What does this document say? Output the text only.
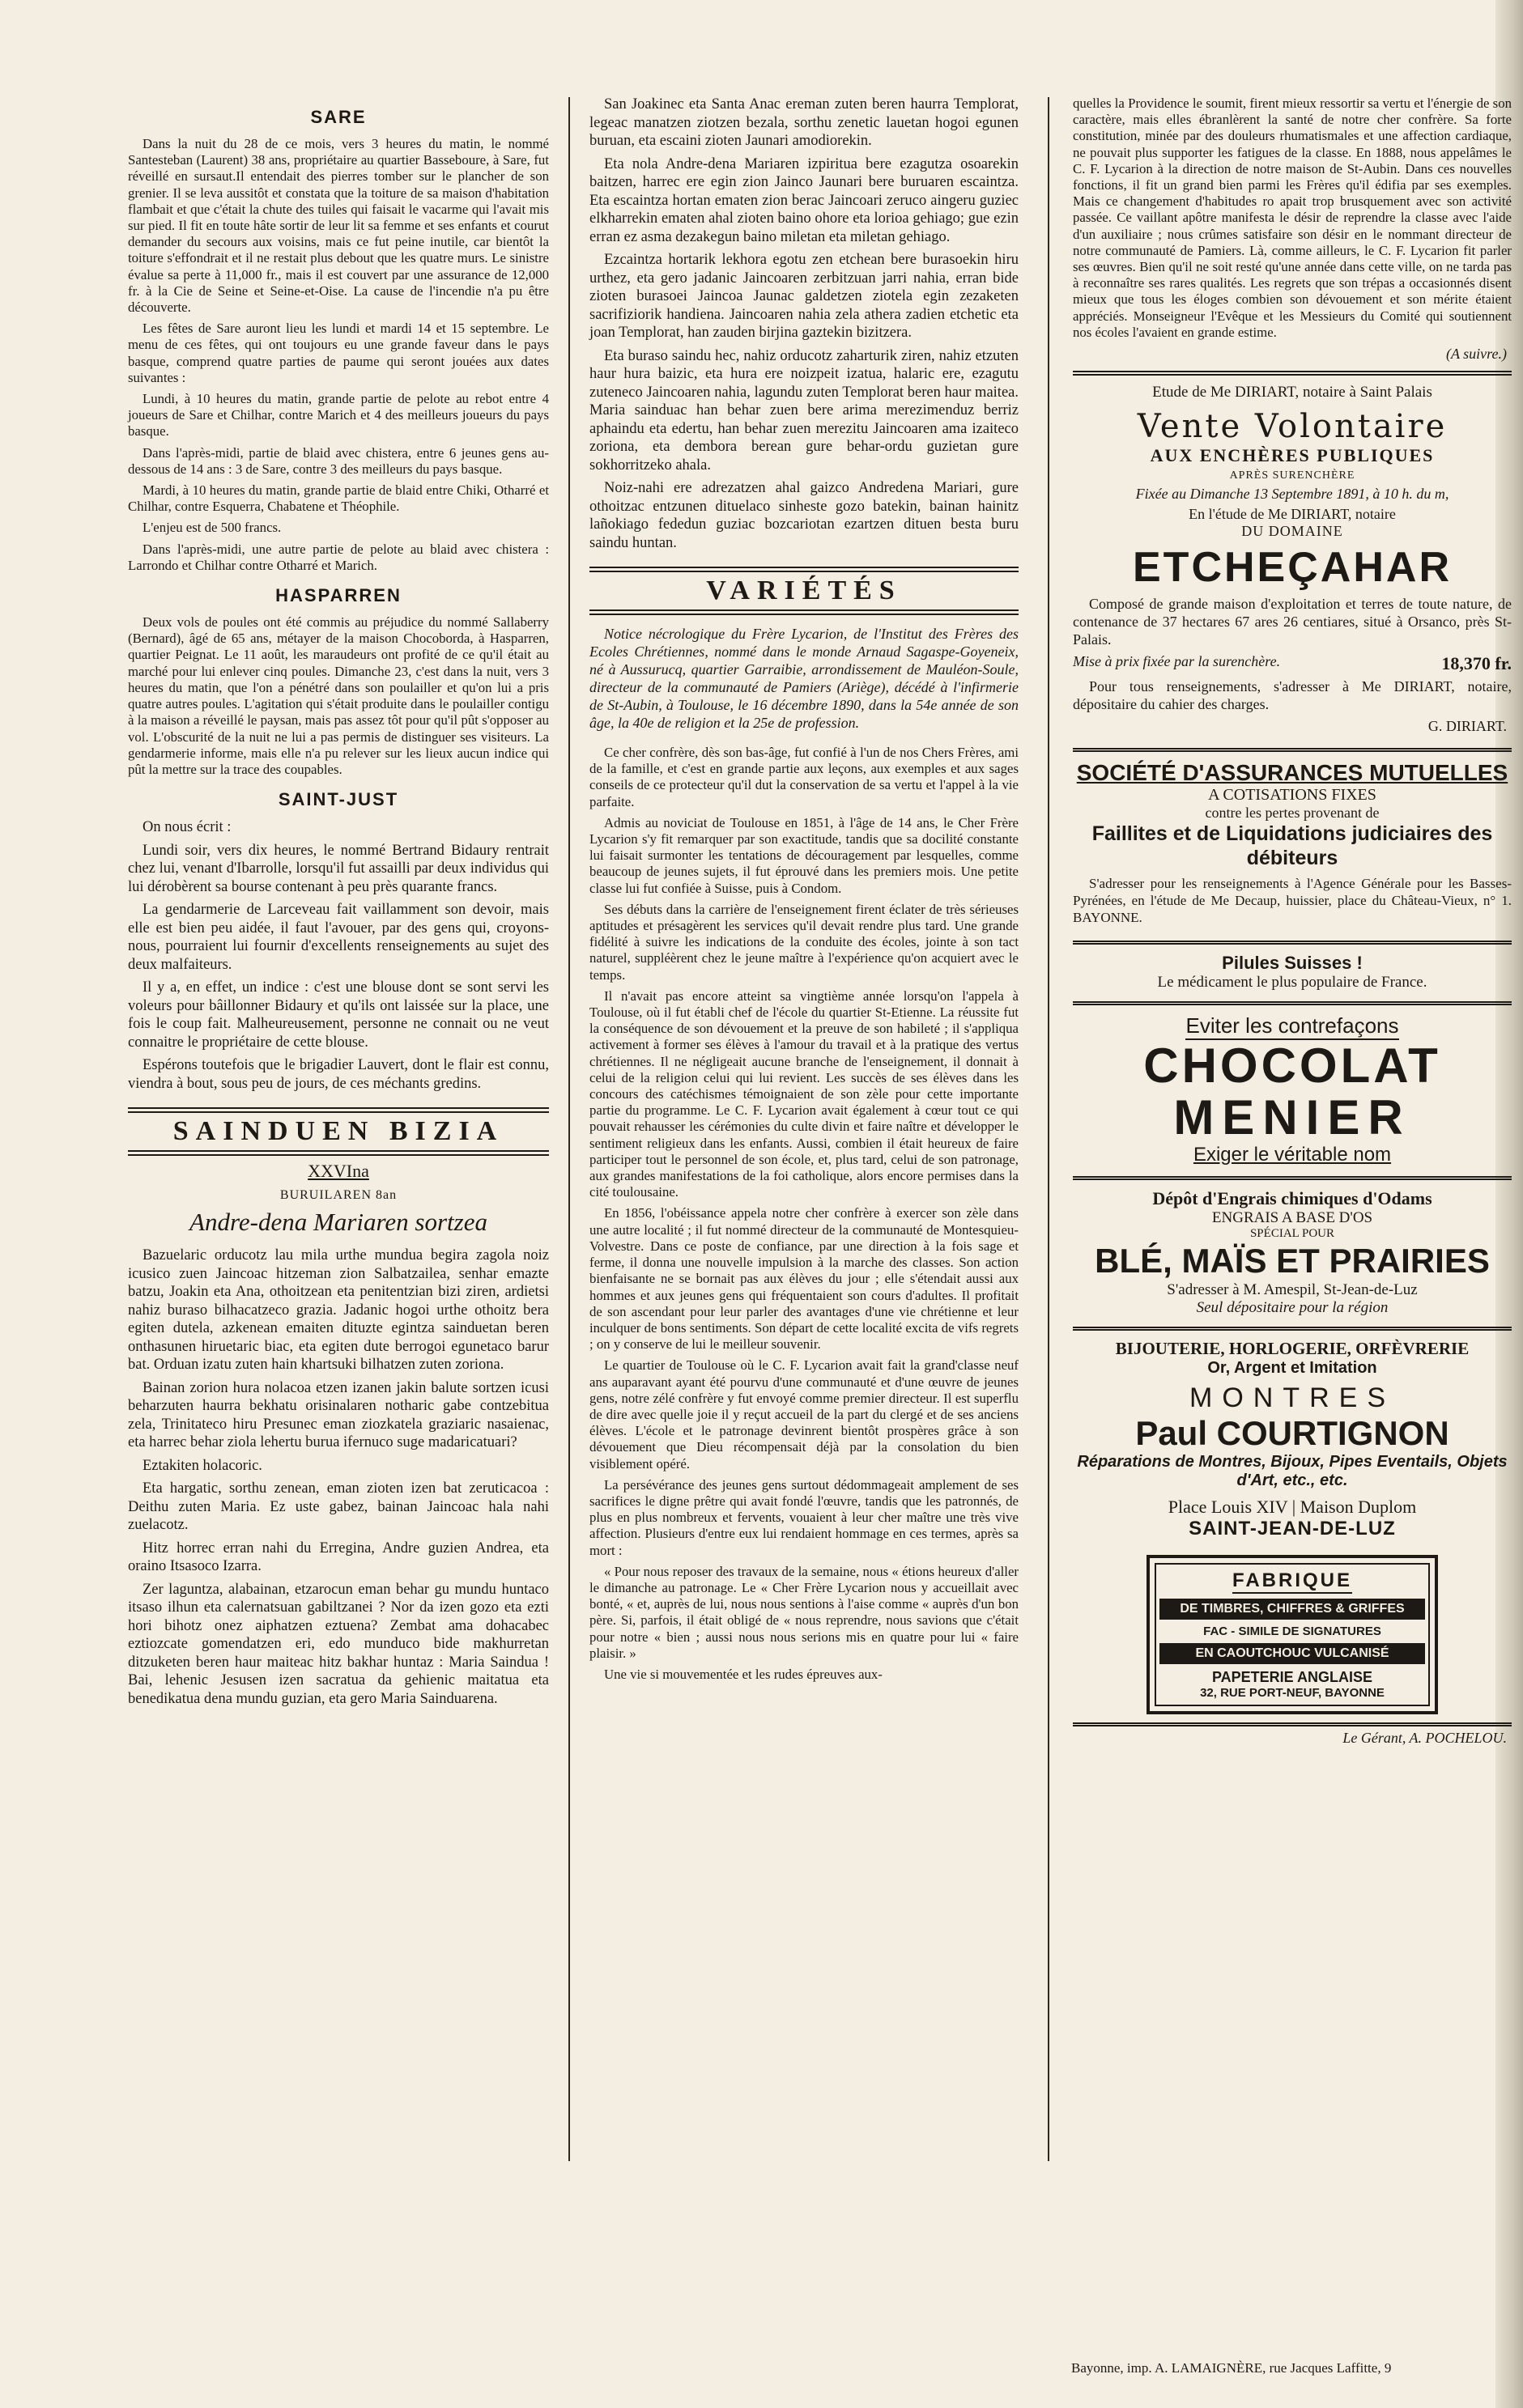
SARE

Dans la nuit du 28 de ce mois, vers 3 heures du matin, le nommé Santesteban (Laurent) 38 ans, propriétaire au quartier Basseboure, à Sare, fut réveillé en sursaut.Il entendait des pierres tomber sur le plancher de son grenier. Il se leva aussitôt et constata que la toiture de sa maison d'habitation flambait et que c'était la chute des tuiles qui faisait le vacarme qui l'avait mis sur pied. Il fit en toute hâte sortir de leur lit sa femme et ses enfants et courut demander du secours aux voisins, mais ce fut peine inutile, car bientôt la toiture s'effondrait et il ne restait plus debout que les quatre murs. Le sinistre évalue sa perte à 11,000 fr., mais il est couvert par une assurance de 12,000 fr. à la Cie de Seine et Seine-et-Oise. La cause de l'incendie n'a pu être découverte.

Les fêtes de Sare auront lieu les lundi et mardi 14 et 15 septembre. Le menu de ces fêtes, qui ont toujours eu une grande faveur dans le pays basque, comprend quatre parties de paume qui seront jouées aux dates suivantes :

Lundi, à 10 heures du matin, grande partie de pelote au rebot entre 4 joueurs de Sare et Chilhar, contre Marich et 4 des meilleurs joueurs du pays basque.

Dans l'après-midi, partie de blaid avec chistera, entre 6 jeunes gens au-dessous de 14 ans : 3 de Sare, contre 3 des meilleurs du pays basque.

Mardi, à 10 heures du matin, grande partie de blaid entre Chiki, Otharré et Chilhar, contre Esquerra, Chabatene et Théophile.

L'enjeu est de 500 francs.

Dans l'après-midi, une autre partie de pelote au blaid avec chistera : Larrondo et Chilhar contre Otharré et Marich.

HASPARREN

Deux vols de poules ont été commis au préjudice du nommé Sallaberry (Bernard), âgé de 65 ans, métayer de la maison Chocoborda, à Hasparren, quartier Peignat. Le 11 août, les maraudeurs ont profité de ce qu'il était au marché pour lui enlever cinq poules. Dimanche 23, c'est dans la nuit, vers 3 heures du matin, que l'on a pénétré dans son poulailler et qu'on lui a pris quatre autres poules. L'agitation qui s'était produite dans le poulailler contigu à la maison a réveillé le paysan, mais pas assez tôt pour qu'il pût s'opposer au vol. L'obscurité de la nuit ne lui a pas permis de distinguer ses visiteurs. La gendarmerie informe, mais elle n'a pu relever sur les lieux aucun indice qui pût la mettre sur la trace des coupables.

SAINT-JUST

On nous écrit :

Lundi soir, vers dix heures, le nommé Bertrand Bidaury rentrait chez lui, venant d'Ibarrolle, lorsqu'il fut assailli par deux individus qui lui dérobèrent sa bourse contenant à peu près quarante francs.

La gendarmerie de Larceveau fait vaillamment son devoir, mais elle est bien peu aidée, il faut l'avouer, par des gens qui, croyons-nous, pourraient lui fournir d'excellents renseignements au sujet des deux malfaiteurs.

Il y a, en effet, un indice : c'est une blouse dont se sont servi les voleurs pour bâillonner Bidaury et qu'ils ont laissée sur la place, une fois le coup fait. Malheureusement, personne ne connait ou ne veut connaitre le propriétaire de cette blouse.

Espérons toutefois que le brigadier Lauvert, dont le flair est connu, viendra à bout, sous peu de jours, de ces méchants gredins.

SAINDUEN BIZIA
XXVIna
BURUILAREN 8an
Andre-dena Mariaren sortzea

Bazuelaric orducotz lau mila urthe mundua begira zagola noiz icusico zuen Jaincoac hitzeman zion Salbatzailea, senhar emazte batzu, Joakin eta Ana, othoitzean eta penitentzian bizi ziren, ardietsi nahiz buraso bilhacatzeco grazia. Jadanic hogoi urthe othoitz bera egiten dutela, azkenean emaiten dituzte egintza sainduetan beren onthasunen hiruetaric biac, eta egiten dute berrogoi egunetaco barur bat. Orduan izatu zuten hain khartsuki bilhatzen zuten zoriona.

Bainan zorion hura nolacoa etzen izanen jakin balute sortzen icusi beharzuten haurra bekhatu orisinalaren notharic gabe contzebitua zela, Trinitateco hiru Presunec eman ziozkatela graziaric nasaienac, eta harrec behar ziola lehertu burua ifernuco suge madaricatuari?

Eztakiten holacoric.

Eta hargatic, sorthu zenean, eman zioten izen bat zeruticacoa : Deithu zuten Maria. Ez uste gabez, bainan Jaincoac hala nahi zuelacotz.

Hitz horrec erran nahi du Erregina, Andre guzien Andrea, eta oraino Itsasoco Izarra.

Zer laguntza, alabainan, etzarocun eman behar gu mundu huntaco itsaso ilhun eta calernatsuan gabiltzanei ? Nor da izen gozo eta ezti hori bihotz onez aiphatzen eztuena? Zembat ama dohacabec eztiozcate gomendatzen eri, edo munduco bide makhurretan ditzuketen beren haur maiteac hitz bakhar huntaz : Maria Saindua ! Bai, lehenic Jesusen izen sacratua da gehienic maitatua eta benedikatua dena mundu guzian, eta gero Maria Sainduarena.

San Joakinec eta Santa Anac ereman zuten beren haurra Templorat, legeac manatzen ziotzen bezala, sorthu zenetic lauetan hogoi egunen buruan, eta escaini zioten Jaunari amodiorekin.

Eta nola Andre-dena Mariaren izpiritua bere ezagutza osoarekin baitzen, harrec ere egin zion Jainco Jaunari bere buruaren escaintza. Eta escaintza hortan ematen zion berac Jaincoari zeruco aingeru guziec elkharrekin ematen ahal zioten baino ohore eta lorioa gehiago; gue ezin erran ez asma dezakegun baino miletan eta miletan gehiago.

Ezcaintza hortarik lekhora egotu zen etchean bere burasoekin hiru urthez, eta gero jadanic Jaincoaren zerbitzuan jarri nahia, erran bide zioten burasoei Jaincoa Jaunac galdetzen ziotela egin zezaketen sacrifiziorik handiena. Jaincoaren nahia zela athera zadien etchetic eta joan Templorat, han zauden birjina gaztekin bizitzera.

Eta buraso saindu hec, nahiz orducotz zaharturik ziren, nahiz etzuten haur hura baizic, eta hura ere noizpeit izatua, halaric ere, ezagutu zuteneco Jaincoaren nahia, lagundu zuten Templorat beren haur maitea. Maria sainduac han behar zuen bere arima merezimenduz berriz aphaindu eta edertu, han behar zuen merezitu Jaincoaren ama izaiteco zoriona, eta dembora berean gure behar-ordu guzietan gure sokhorritzeko ahala.

Noiz-nahi ere adrezatzen ahal gaizco Andredena Mariari, gure othoitzac entzunen dituelaco sinheste gozo batekin, bainan hainitz lañokiago fededun guziac bozcariotan ezartzen dituen besta buru saindu huntan.

VARIÉTÉS
Notice nécrologique du Frère Lycarion, de l'Institut des Frères des Ecoles Chrétiennes, nommé dans le monde Arnaud Sagaspe-Goyeneix, né à Aussurucq, quartier Garraibie, arrondissement de Mauléon-Soule, directeur de la communauté de Pamiers (Ariège), décédé à l'infirmerie de St-Aubin, à Toulouse, le 16 décembre 1890, dans la 54e année de son âge, la 40e de religion et la 25e de profession.

Ce cher confrère, dès son bas-âge, fut confié à l'un de nos Chers Frères, ami de la famille, et c'est en grande partie aux leçons, aux exemples et aux sages conseils de ce protecteur qu'il dut la conservation de sa vertu et l'appel à la vie parfaite.

Admis au noviciat de Toulouse en 1851, à l'âge de 14 ans, le Cher Frère Lycarion s'y fit remarquer par son exactitude, tandis que sa docilité constante lui faisait surmonter les tentations de découragement par lesquelles, comme beaucoup de jeunes sujets, il fut éprouvé dans les premiers mois. Une petite classe lui fut confiée à Suisse, puis à Condom.

Ses débuts dans la carrière de l'enseignement firent éclater de très sérieuses aptitudes et présagèrent les services qu'il devait rendre plus tard. Une grande fidélité à suivre les indications de la conduite des écoles, jointe à son tact naturel, suppléèrent chez le jeune maître à l'expérience qu'on acquiert avec le temps.

Il n'avait pas encore atteint sa vingtième année lorsqu'on l'appela à Toulouse, où il fut établi chef de l'école du quartier St-Etienne. La réussite fut la conséquence de son dévouement et la preuve de son habileté ; il s'appliqua activement à former ses élèves à l'amour du travail et à la pratique des vertus chrétiennes. Il ne négligeait aucune branche de l'enseignement, il donnait à celui de la religion celui qui lui revient. Les succès de ses élèves dans les concours des catéchismes témoignaient de son zèle pour cette importante partie du programme. Le C. F. Lycarion avait également à cœur tout ce qui pouvait rehausser les cérémonies du culte divin et faire naître et développer le sentiment religieux dans les enfants. Aussi, combien il était heureux de faire participer tout le personnel de son école, et, plus tard, celui de son patronage, aux grandes manifestations de la foi catholique, alors encore permises dans la cité toulousaine.

En 1856, l'obéissance appela notre cher confrère à exercer son zèle dans une autre localité ; il fut nommé directeur de la communauté de Montesquieu-Volvestre. Dans ce poste de confiance, par une direction à la fois sage et ferme, il donna une nouvelle impulsion à la marche des classes. Son action bienfaisante ne se bornait pas aux élèves du jour ; elle s'étendait aussi aux hommes et aux jeunes gens qui fréquentaient son cours d'adultes. Il profitait de son ascendant pour leur parler des avantages d'une vie chrétienne et leur inculquer de bons sentiments. Son départ de cette localité excita de vifs regrets ; on y conserve de lui le meilleur souvenir.

Le quartier de Toulouse où le C. F. Lycarion avait fait la grand'classe neuf ans auparavant ayant été pourvu d'une communauté et d'une œuvre de jeunes gens, notre zélé confrère y fut envoyé comme premier directeur. Il est superflu de dire avec quelle joie il y reçut accueil de la part du clergé et de ses anciens élèves. L'école et le patronage devinrent bientôt prospères grâce à son dévouement que Dieu récompensait déjà par la consolation du bien visiblement opéré.

La persévérance des jeunes gens surtout dédommageait amplement de ses sacrifices le digne prêtre qui avait fondé l'œuvre, tandis que les patronnés, de plus en plus nombreux et fervents, vouaient à leur cher maître une très vive affection. Plusieurs d'entre eux lui rendaient hommage en ces termes, après sa mort :

« Pour nous reposer des travaux de la semaine, nous « étions heureux d'aller le dimanche au patronage. Le « Cher Frère Lycarion nous y accueillait avec bonté, « et, auprès de lui, nous nous sentions à l'aise comme « auprès d'un bon père. Si, parfois, il était obligé de « nous reprendre, nous savions que c'était pour notre « bien ; aussi nous nous serions mis en quatre pour lui « faire plaisir. »

Une vie si mouvementée et les rudes épreuves aux-

quelles la Providence le soumit, firent mieux ressortir sa vertu et l'énergie de son caractère, mais elles ébranlèrent la santé de notre cher confrère. Sa forte constitution, minée par des douleurs rhumatismales et une affection cardiaque, ne pouvait plus supporter les fatigues de la classe. En 1888, nous appelâmes le C. F. Lycarion à la direction de notre maison de St-Aubin. Dans ces nouvelles fonctions, il fit un grand bien parmi les Frères qu'il édifia par ses exemples. Mais ce changement d'habitudes ro apait trop brusquement avec son activité passée. Ce vaillant apôtre manifesta le désir de reprendre la classe avec l'aide d'un auxiliaire ; nous crûmes satisfaire son désir en le nommant directeur de notre communauté de Pamiers. Là, comme ailleurs, le C. F. Lycarion fit parler ses œuvres. Bien qu'il ne soit resté qu'une année dans cette ville, on ne tarda pas à reconnaître ses rares qualités. Les regrets que son trépas a occasionnés disent mieux que tous les éloges combien son dévouement et son mérite étaient appréciés. Monseigneur l'Evêque et les Messieurs du Comité qui soutiennent nos écoles l'avaient en grande estime.

(A suivre.)
Etude de Me DIRIART, notaire à Saint Palais
Vente Volontaire
AUX ENCHÈRES PUBLIQUES
APRÈS SURENCHÈRE
Fixée au Dimanche 13 Septembre 1891, à 10 h. du m,
En l'étude de Me DIRIART, notaire
DU DOMAINE
ETCHEÇAHAR

Composé de grande maison d'exploitation et terres de toute nature, de contenance de 37 hectares 67 ares 26 centiares, situé à Orsanco, près St-Palais.

Mise à prix fixée par la surenchère.	18,370 fr.

Pour tous renseignements, s'adresser à Me DIRIART, notaire, dépositaire du cahier des charges.

G. DIRIART.
SOCIÉTÉ D'ASSURANCES MUTUELLES
A COTISATIONS FIXES
contre les pertes provenant de
Faillites et de Liquidations judiciaires des débiteurs

S'adresser pour les renseignements à l'Agence Générale pour les Basses-Pyrénées, en l'étude de Me Decaup, huissier, place du Château-Vieux, n° 1. BAYONNE.

Pilules Suisses !
Le médicament le plus populaire de France.
Eviter les contrefaçons
CHOCOLAT
MENIER
Exiger le véritable nom
Dépôt d'Engrais chimiques d'Odams
ENGRAIS A BASE D'OS
SPÉCIAL POUR
BLÉ, MAÏS ET PRAIRIES
S'adresser à M. Amespil, St-Jean-de-Luz
Seul dépositaire pour la région
BIJOUTERIE, HORLOGERIE, ORFÈVRERIE
Or, Argent et Imitation
MONTRES
Paul COURTIGNON
Réparations de Montres, Bijoux, Pipes Eventails, Objets d'Art, etc., etc.
Place Louis XIV | Maison Duplom
SAINT-JEAN-DE-LUZ
FABRIQUE
DE TIMBRES, CHIFFRES & GRIFFES
FAC - SIMILE DE SIGNATURES
EN CAOUTCHOUC VULCANISÉ
PAPETERIE ANGLAISE
32, RUE PORT-NEUF, BAYONNE
Le Gérant, A. POCHELOU.
Bayonne, imp. A. LAMAIGNÈRE, rue Jacques Laffitte, 9
